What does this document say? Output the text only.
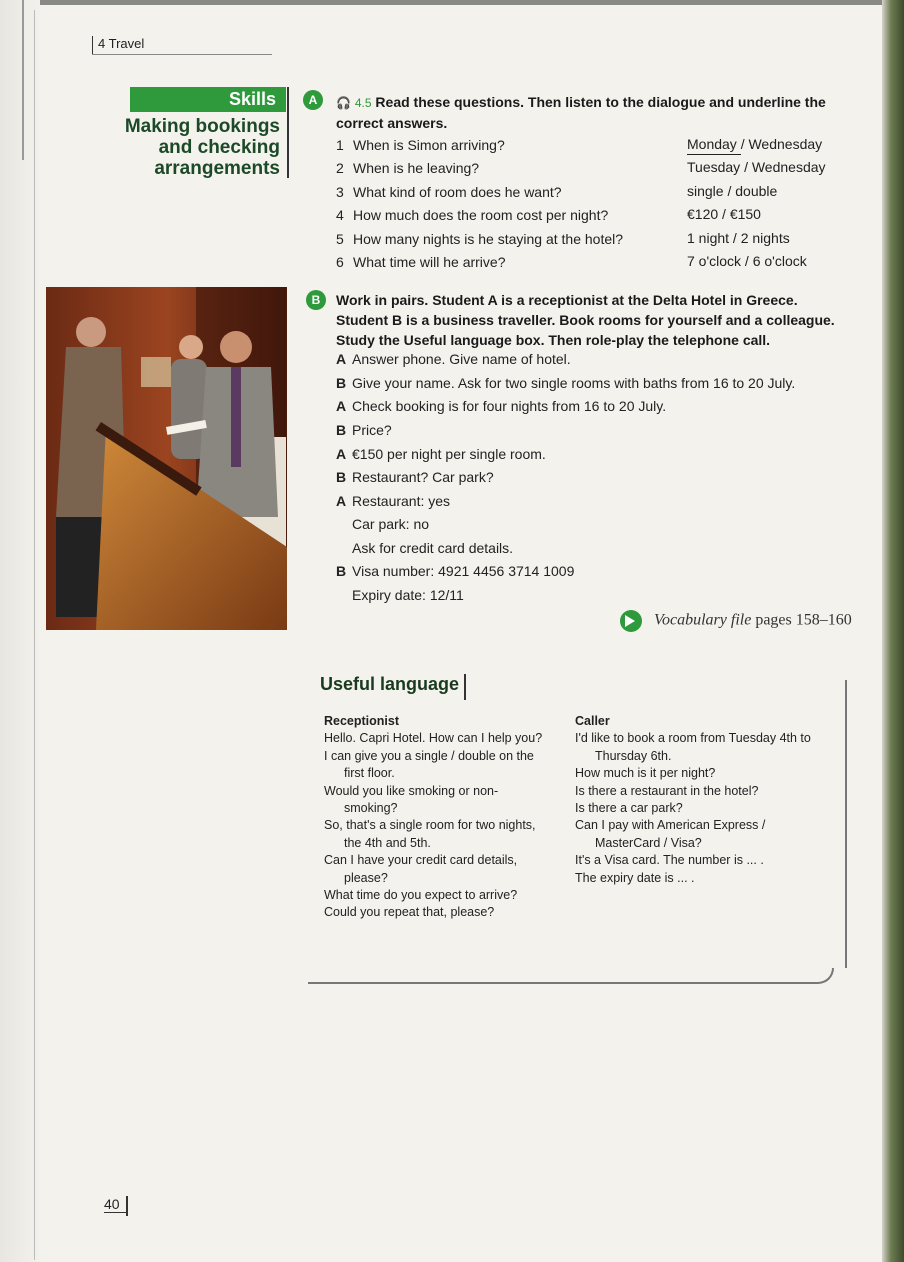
4 Travel
Skills
Making bookings
and checking
arrangements
A	🎧 4.5 Read these questions. Then listen to the dialogue and underline the correct answers.
1 When is Simon arriving?
2 When is he leaving?
3 What kind of room does he want?
4 How much does the room cost per night?
5 How many nights is he staying at the hotel?
6 What time will he arrive?
Monday / Wednesday
Tuesday / Wednesday
single / double
€120 / €150
1 night / 2 nights
7 o'clock / 6 o'clock
B	Work in pairs. Student A is a receptionist at the Delta Hotel in Greece. Student B is a business traveller. Book rooms for yourself and a colleague. Study the Useful language box. Then role-play the telephone call.
A Answer phone. Give name of hotel.
B Give your name. Ask for two single rooms with baths from 16 to 20 July.
A Check booking is for four nights from 16 to 20 July.
B Price?
A €150 per night per single room.
B Restaurant? Car park?
A Restaurant: yes
Car park: no
Ask for credit card details.
B Visa number: 4921 4456 3714 1009
Expiry date: 12/11
Vocabulary file pages 158–160
Useful language
Receptionist
Hello. Capri Hotel. How can I help you?
I can give you a single / double on the first floor.
Would you like smoking or non-smoking?
So, that's a single room for two nights, the 4th and 5th.
Can I have your credit card details, please?
What time do you expect to arrive?
Could you repeat that, please?
Caller
I'd like to book a room from Tuesday 4th to Thursday 6th.
How much is it per night?
Is there a restaurant in the hotel?
Is there a car park?
Can I pay with American Express / MasterCard / Visa?
It's a Visa card. The number is ... .
The expiry date is ... .
40
